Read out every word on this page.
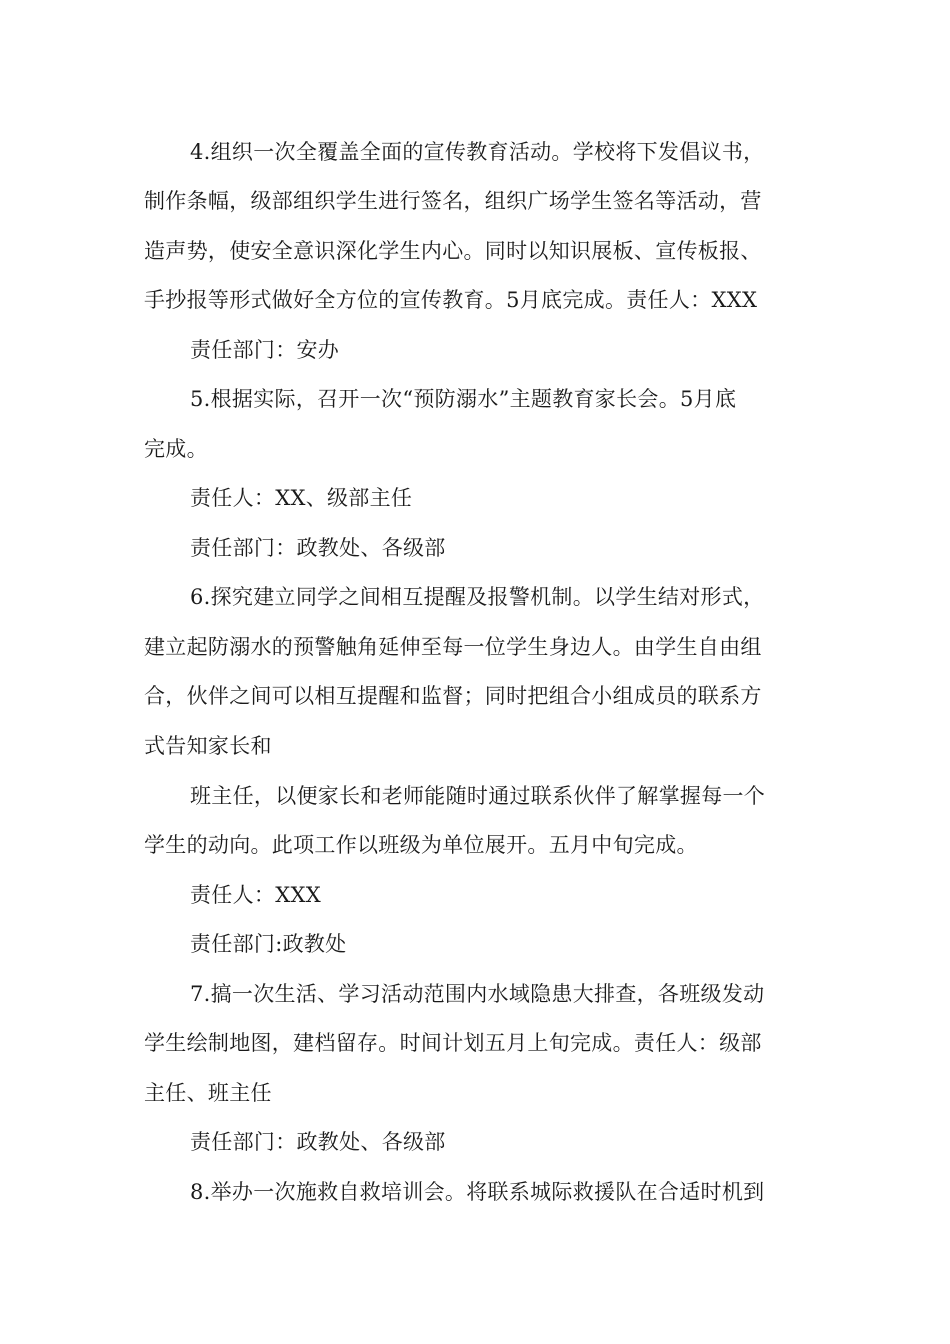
4.组织一次全覆盖全面的宣传教育活动。学校将下发倡议书，
制作条幅，级部组织学生进行签名，组织广场学生签名等活动，营
造声势，使安全意识深化学生内心。同时以知识展板、宣传板报、
手抄报等形式做好全方位的宣传教育。5月底完成。责任人：XXX
责任部门：安办
5.根据实际，召开一次“预防溺水”主题教育家长会。5月底
完成。
责任人：XX、级部主任
责任部门：政教处、各级部
6.探究建立同学之间相互提醒及报警机制。以学生结对形式，
建立起防溺水的预警触角延伸至每一位学生身边人。由学生自由组
合，伙伴之间可以相互提醒和监督；同时把组合小组成员的联系方
式告知家长和
班主任，以便家长和老师能随时通过联系伙伴了解掌握每一个
学生的动向。此项工作以班级为单位展开。五月中旬完成。
责任人：XXX
责任部门:政教处
7.搞一次生活、学习活动范围内水域隐患大排查，各班级发动
学生绘制地图，建档留存。时间计划五月上旬完成。责任人：级部
主任、班主任
责任部门：政教处、各级部
8.举办一次施救自救培训会。将联系城际救援队在合适时机到
